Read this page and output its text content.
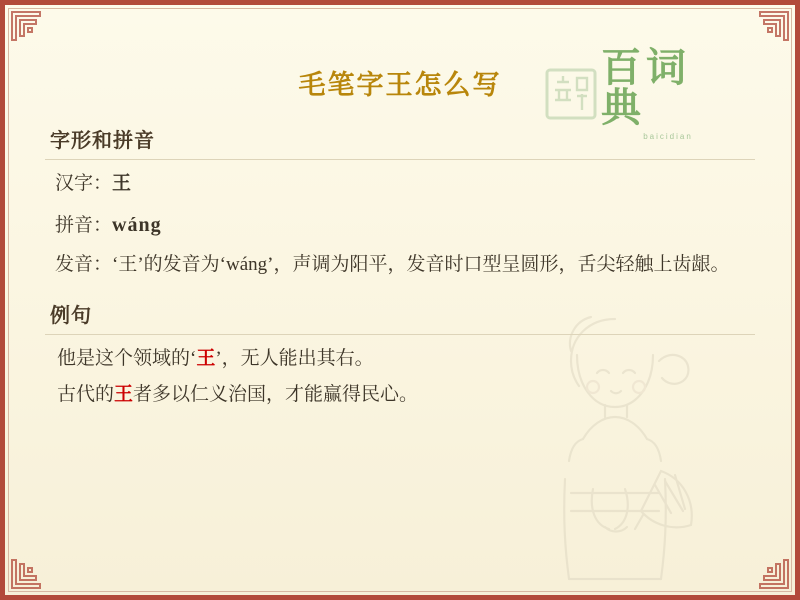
百词典
baicidian
毛笔字王怎么写
字形和拼音
汉字： 王
拼音： wáng
发音：‘王’的发音为‘wáng’，声调为阳平，发音时口型呈圆形，舌尖轻触上齿龈。
例句
他是这个领域的‘王’，无人能出其右。
古代的王者多以仁义治国，才能赢得民心。
